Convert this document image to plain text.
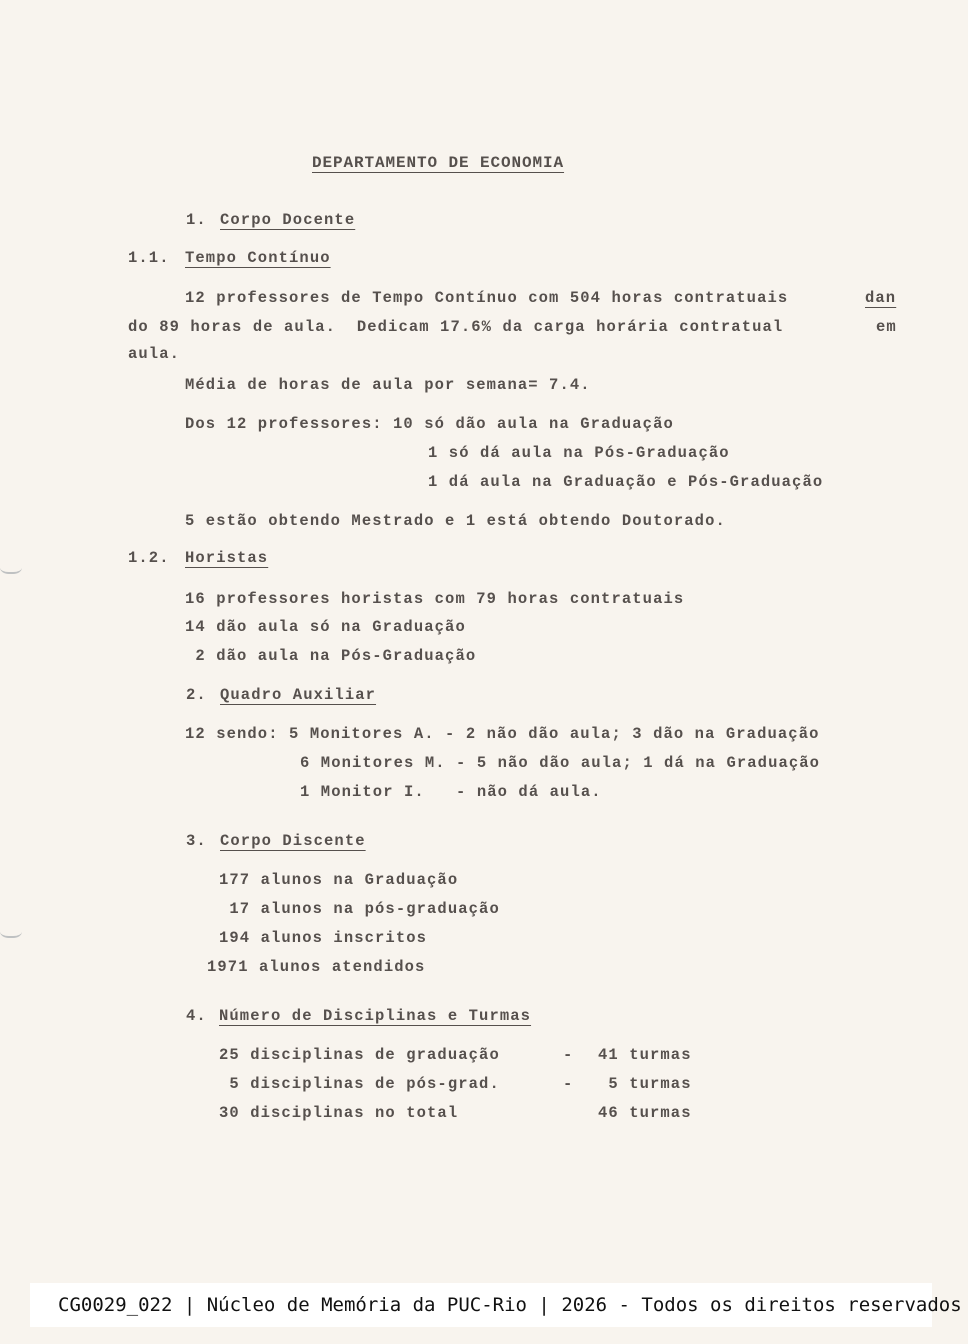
DEPARTAMENTO DE ECONOMIA
1. Corpo Docente
1.1. Tempo Contínuo
12 professores de Tempo Contínuo com 504 horas contratuais	dan
do 89 horas de aula.  Dedicam 17.6% da carga horária contratual	em
aula.
Média de horas de aula por semana= 7.4.
Dos 12 professores: 10 só dão aula na Graduação
1 só dá aula na Pós-Graduação
1 dá aula na Graduação e Pós-Graduação
5 estão obtendo Mestrado e 1 está obtendo Doutorado.
1.2. Horistas
16 professores horistas com 79 horas contratuais
14 dão aula só na Graduação
2 dão aula na Pós-Graduação
2. Quadro Auxiliar
12 sendo: 5 Monitores A. - 2 não dão aula; 3 dão na Graduação
6 Monitores M. - 5 não dão aula; 1 dá na Graduação
1 Monitor I.   - não dá aula.
3. Corpo Discente
177 alunos na Graduação
17 alunos na pós-graduação
194 alunos inscritos
1971 alunos atendidos
4. Número de Disciplinas e Turmas
25 disciplinas de graduação	- 41 turmas
5 disciplinas de pós-grad.	- 5 turmas
30 disciplinas no total	46 turmas
CG0029_022 | Núcleo de Memória da PUC-Rio | 2026 - Todos os direitos reservados
